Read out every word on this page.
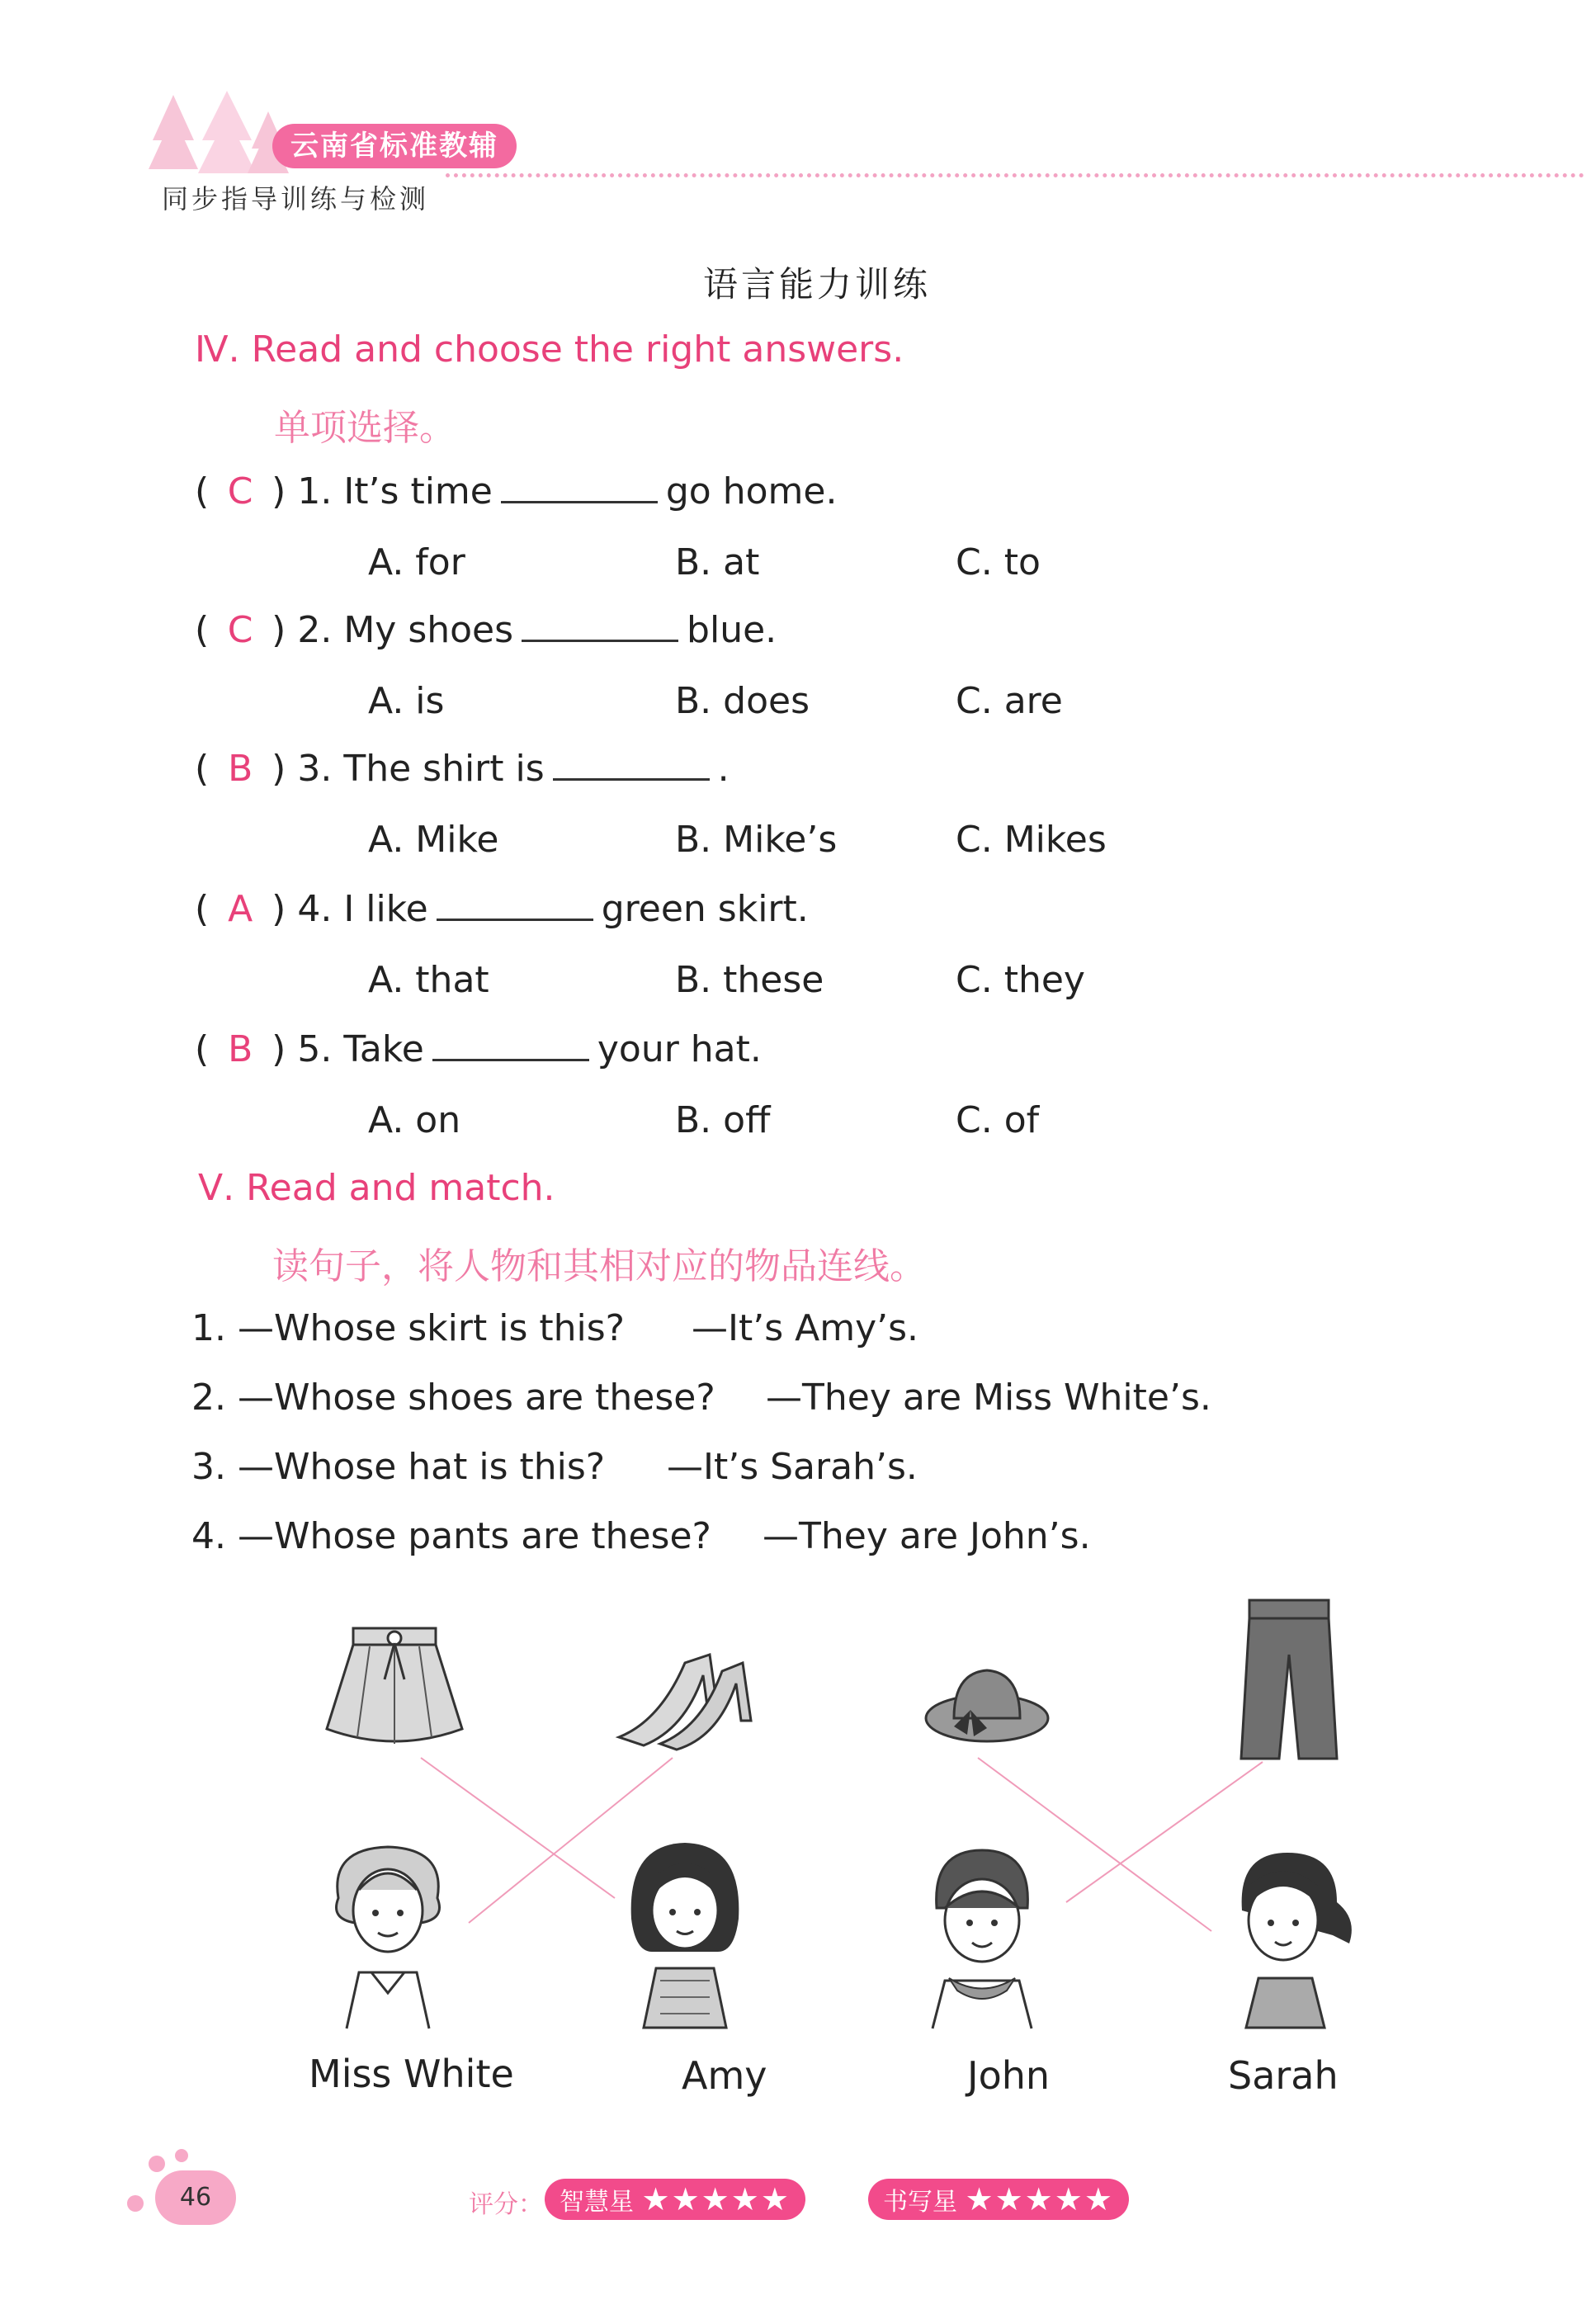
云南省标准教辅
同步指导训练与检测
语言能力训练
Ⅳ. Read and choose the right answers.
单项选择。
( C ) 1. It’s time	go home.
A. for	B. at	C. to
( C ) 2. My shoes	blue.
A. is	B. does	C. are
( B ) 3. The shirt is	.
A. Mike	B. Mike’s	C. Mikes
( A ) 4. I like	green skirt.
A. that	B. these	C. they
( B ) 5. Take	your hat.
A. on	B. off	C. of
Ⅴ. Read and match.
读句子，将人物和其相对应的物品连线。
1. —Whose skirt is this? —It’s Amy’s.
2. —Whose shoes are these? —They are Miss White’s.
3. —Whose hat is this? —It’s Sarah’s.
4. —Whose pants are these? —They are John’s.
Miss White	Amy	John	Sarah
46	评分： 智慧星 ★★★★★	书写星 ★★★★★
